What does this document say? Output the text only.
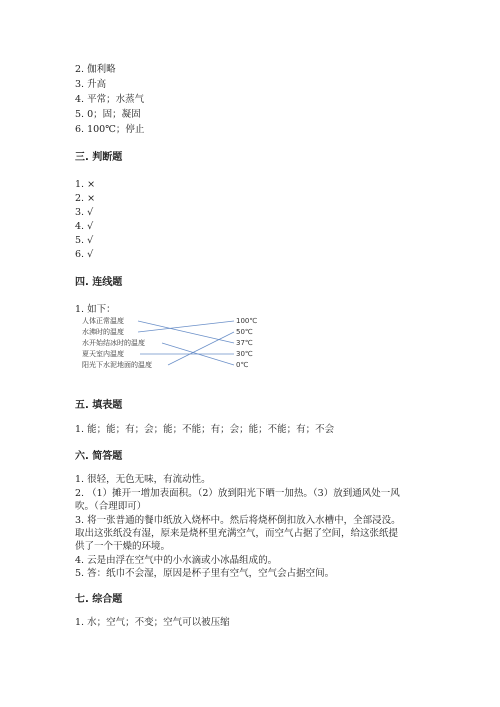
2. 伽利略
3. 升高
4. 平常；水蒸气
5. 0；固；凝固
6. 100℃；停止
三. 判断题
1. ×
2. ×
3. √
4. √
5. √
6. √
四. 连线题
1. 如下：
人体正常温度
水沸时的温度
水开始结冰时的温度
夏天室内温度
阳光下水泥地面的温度
100℃
50℃
37℃
30℃
0℃
五. 填表题
1. 能；能；有；会；能；不能；有；会；能；不能；有；不会
六. 简答题
1. 很轻，无色无味，有流动性。
2. （1）摊开一增加表面积。（2）放到阳光下晒一加热。（3）放到通风处一风
吹。（合理即可）
3. 将一张普通的餐巾纸放入烧杯中。然后将烧杯倒扣放入水槽中，全部浸没。
取出这张纸没有湿，原来是烧杯里充满空气，而空气占据了空间，给这张纸提
供了一个干燥的环境。
4. 云是由浮在空气中的小水滴或小冰晶组成的。
5. 答：纸巾不会湿，原因是杯子里有空气，空气会占据空间。
七. 综合题
1. 水；空气；不变；空气可以被压缩
